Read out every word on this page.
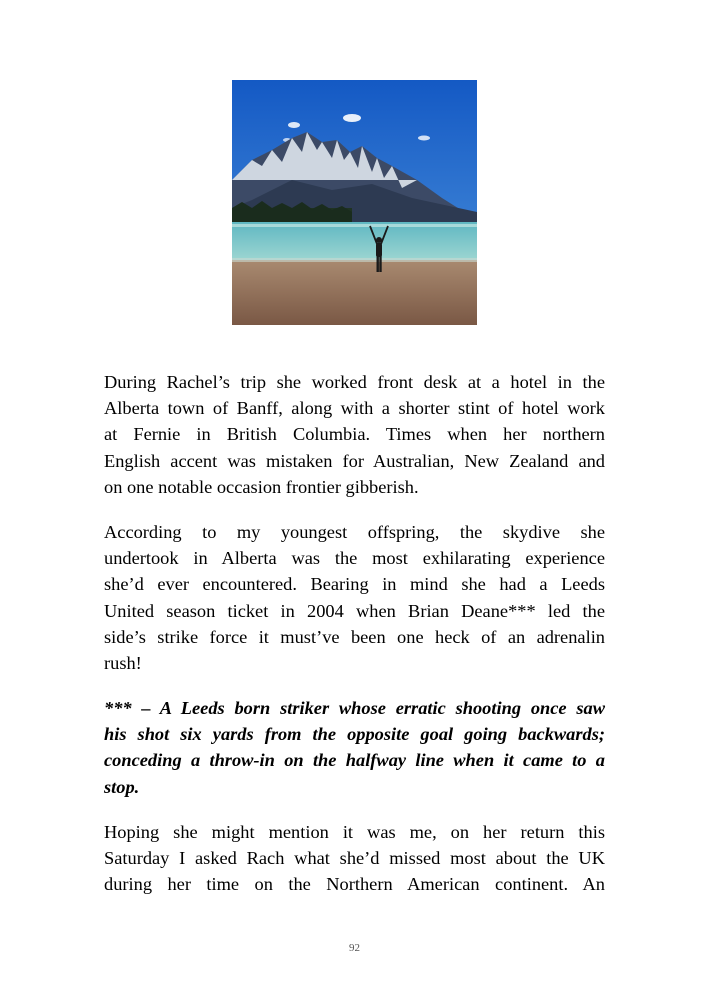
During Rachel’s trip she worked front desk at a hotel in the
Alberta town of Banff, along with a shorter stint of hotel work
at Fernie in British Columbia. Times when her northern
English accent was mistaken for Australian, New Zealand and
on one notable occasion frontier gibberish.
According to my youngest offspring, the skydive she
undertook in Alberta was the most exhilarating experience
she’d ever encountered. Bearing in mind she had a Leeds
United season ticket in 2004 when Brian Deane*** led the
side’s strike force it must’ve been one heck of an adrenalin
rush!
*** – A Leeds born striker whose erratic shooting once saw
his shot six yards from the opposite goal going backwards;
conceding a throw-in on the halfway line when it came to a
stop.
Hoping she might mention it was me, on her return this
Saturday I asked Rach what she’d missed most about the UK
during her time on the Northern American continent. An
92
